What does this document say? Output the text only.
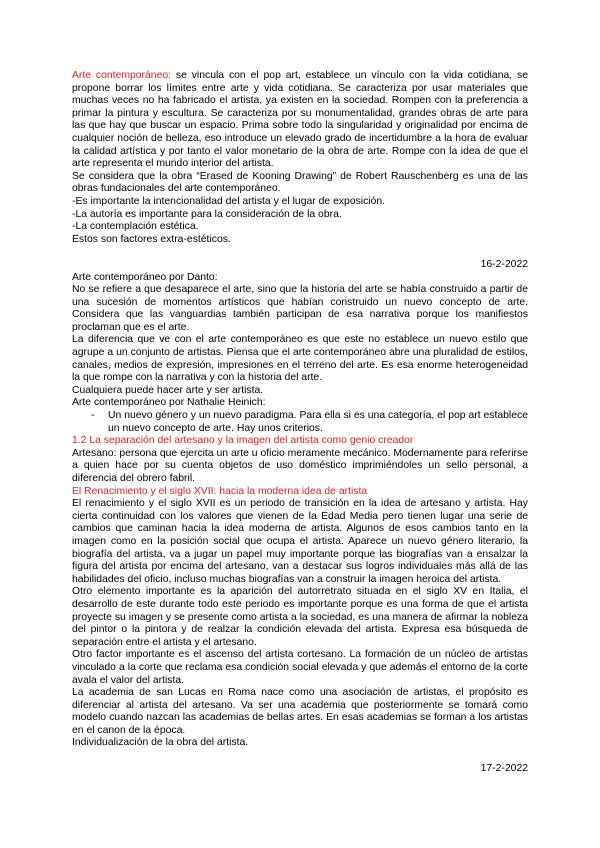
Arte contemporáneo: se vincula con el pop art, establece un vínculo con la vida cotidiana, se propone borrar los límites entre arte y vida cotidiana. Se caracteriza por usar materiales que muchas veces no ha fabricado el artista, ya existen en la sociedad. Rompen con la preferencia a primar la pintura y escultura. Se caracteriza por su monumentalidad, grandes obras de arte para las que hay que buscar un espacio. Prima sobre todo la singularidad y originalidad por encima de cualquier noción de belleza, eso introduce un elevado grado de incertidumbre a la hora de evaluar la calidad artística y por tanto el valor monetario de la obra de arte. Rompe con la idea de que el arte representa el mundo interior del artista.

Se considera que la obra “Erased de Kooning Drawing” de Robert Rauschenberg es una de las obras fundacionales del arte contemporáneo.

-Es importante la intencionalidad del artista y el lugar de exposición.

-La autoría es importante para la consideración de la obra.

-La contemplación estética.

Estos son factores extra-estéticos.

16-2-2022

Arte contemporáneo por Danto:

No se refiere a que desaparece el arte, sino que la historia del arte se había construido a partir de una sucesión de momentos artísticos que habían construido un nuevo concepto de arte. Considera que las vanguardias también participan de esa narrativa porque los manifiestos proclaman que es el arte.

La diferencia que ve con el arte contemporáneo es que este no establece un nuevo estilo que agrupe a un conjunto de artistas. Piensa que el arte contemporáneo abre una pluralidad de estilos, canales, medios de expresión, impresiones en el terreno del arte. Es esa enorme heterogeneidad la que rompe con la narrativa y con la historia del arte.

Cualquiera puede hacer arte y ser artista.

Arte contemporáneo por Nathalie Heinich:

- Un nuevo género y un nuevo paradigma. Para ella si es una categoría, el pop art establece un nuevo concepto de arte. Hay unos criterios.

1.2 La separación del artesano y la imagen del artista como genio creador

Artesano: persona que ejercita un arte u oficio meramente mecánico. Modernamente para referirse a quien hace por su cuenta objetos de uso doméstico imprimiéndoles un sello personal, a diferencia del obrero fabril.

El Renacimiento y el siglo XVII: hacia la moderna idea de artista

El renacimiento y el siglo XVII es un periodo de transición en la idea de artesano y artista. Hay cierta continuidad con los valores que vienen de la Edad Media pero tienen lugar una serie de cambios que caminan hacia la idea moderna de artista. Algunos de esos cambios tanto en la imagen como en la posición social que ocupa el artista. Aparece un nuevo género literario, la biografía del artista, va a jugar un papel muy importante porque las biografías van a ensalzar la figura del artista por encima del artesano, van a destacar sus logros individuales más allá de las habilidades del oficio, incluso muchas biografías van a construir la imagen heroica del artista.

Otro elemento importante es la aparición del autorretrato situada en el siglo XV en Italia, el desarrollo de este durante todo este periodo es importante porque es una forma de que el artista proyecte su imagen y se presente como artista a la sociedad, es una manera de afirmar la nobleza del pintor o la pintora y de realzar la condición elevada del artista. Expresa esa búsqueda de separación entre el artista y el artesano.

Otro factor importante es el ascenso del artista cortesano. La formación de un núcleo de artistas vinculado a la corte que reclama esa condición social elevada y que además el entorno de la corte avala el valor del artista.

La academia de san Lucas en Roma nace como una asociación de artistas, el propósito es diferenciar al artista del artesano. Va ser una academia que posteriormente se tomará como modelo cuando nazcan las academias de bellas artes. En esas academias se forman a los artistas en el canon de la época.

Individualización de la obra del artista.

17-2-2022
